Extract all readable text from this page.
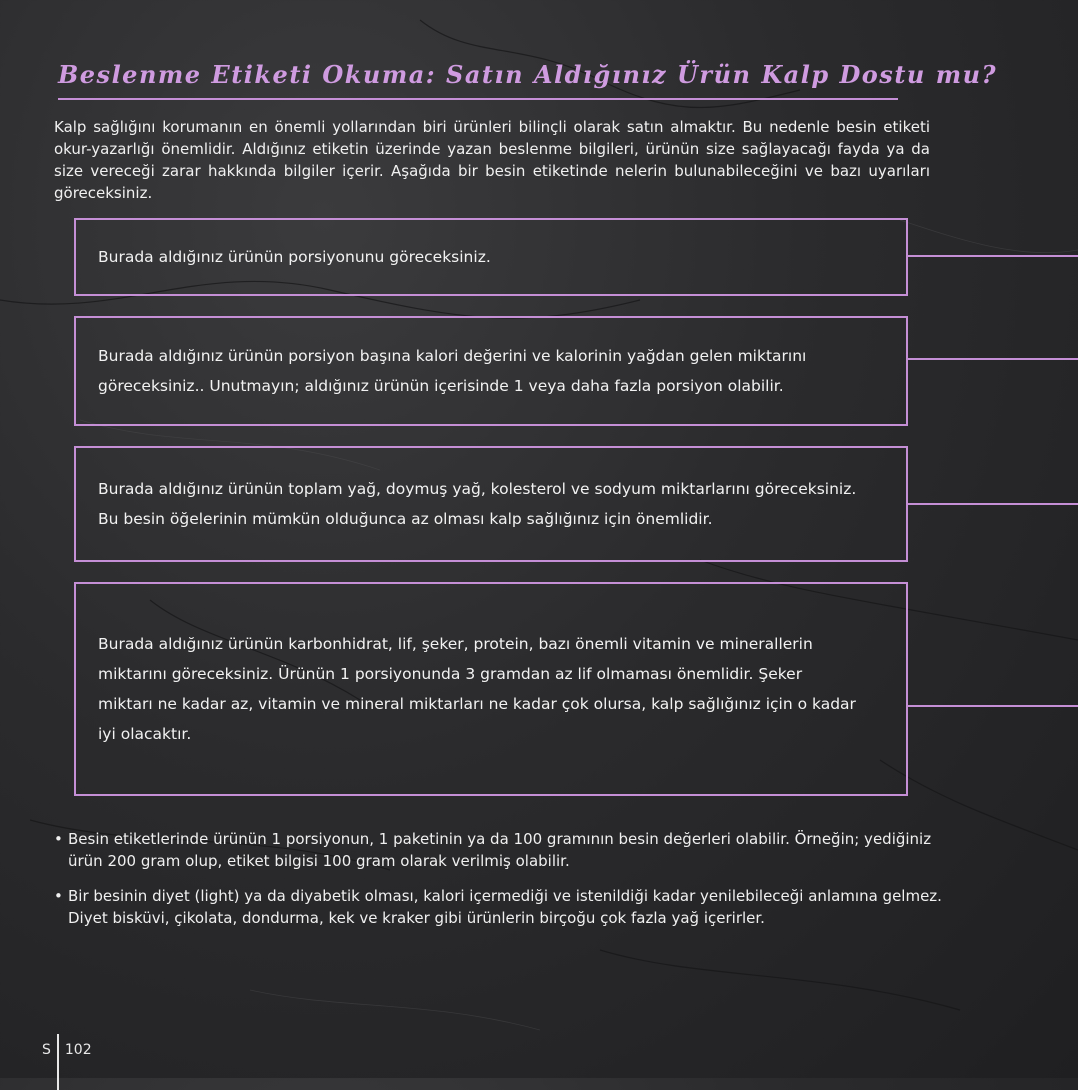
Beslenme Etiketi Okuma: Satın Aldığınız Ürün Kalp Dostu mu?

Kalp sağlığını korumanın en önemli yollarından biri ürünleri bilinçli olarak satın almaktır. Bu nedenle besin etiketi okur-yazarlığı önemlidir. Aldığınız etiketin üzerinde yazan beslenme bilgileri, ürünün size sağlayacağı fayda ya da size vereceği zarar hakkında bilgiler içerir. Aşağıda bir besin etiketinde nelerin bulunabileceğini ve bazı uyarıları göreceksiniz.

Burada aldığınız ürünün porsiyonunu göreceksiniz.

Burada aldığınız ürünün porsiyon başına kalori değerini ve kalorinin yağdan gelen miktarını göreceksiniz.. Unutmayın; aldığınız ürünün içerisinde 1 veya daha fazla porsiyon olabilir.

Burada aldığınız ürünün toplam yağ, doymuş yağ, kolesterol ve sodyum miktarlarını göreceksiniz. Bu besin öğelerinin mümkün olduğunca az olması kalp sağlığınız için önemlidir.

Burada aldığınız ürünün karbonhidrat, lif, şeker, protein, bazı önemli vitamin ve minerallerin miktarını göreceksiniz. Ürünün 1 porsiyonunda 3 gramdan az lif olmaması önemlidir. Şeker miktarı ne kadar az, vitamin ve mineral miktarları ne kadar çok olursa, kalp sağlığınız için o kadar iyi olacaktır.

• Besin etiketlerinde ürünün 1 porsiyonun, 1 paketinin ya da 100 gramının besin değerleri olabilir. Örneğin; yediğiniz ürün 200 gram olup, etiket bilgisi 100 gram olarak verilmiş olabilir.
• Bir besinin diyet (light) ya da diyabetik olması, kalori içermediği ve istenildiği kadar yenilebileceği anlamına gelmez. Diyet bisküvi, çikolata, dondurma, kek ve kraker gibi ürünlerin birçoğu çok fazla yağ içerirler.
S 102
